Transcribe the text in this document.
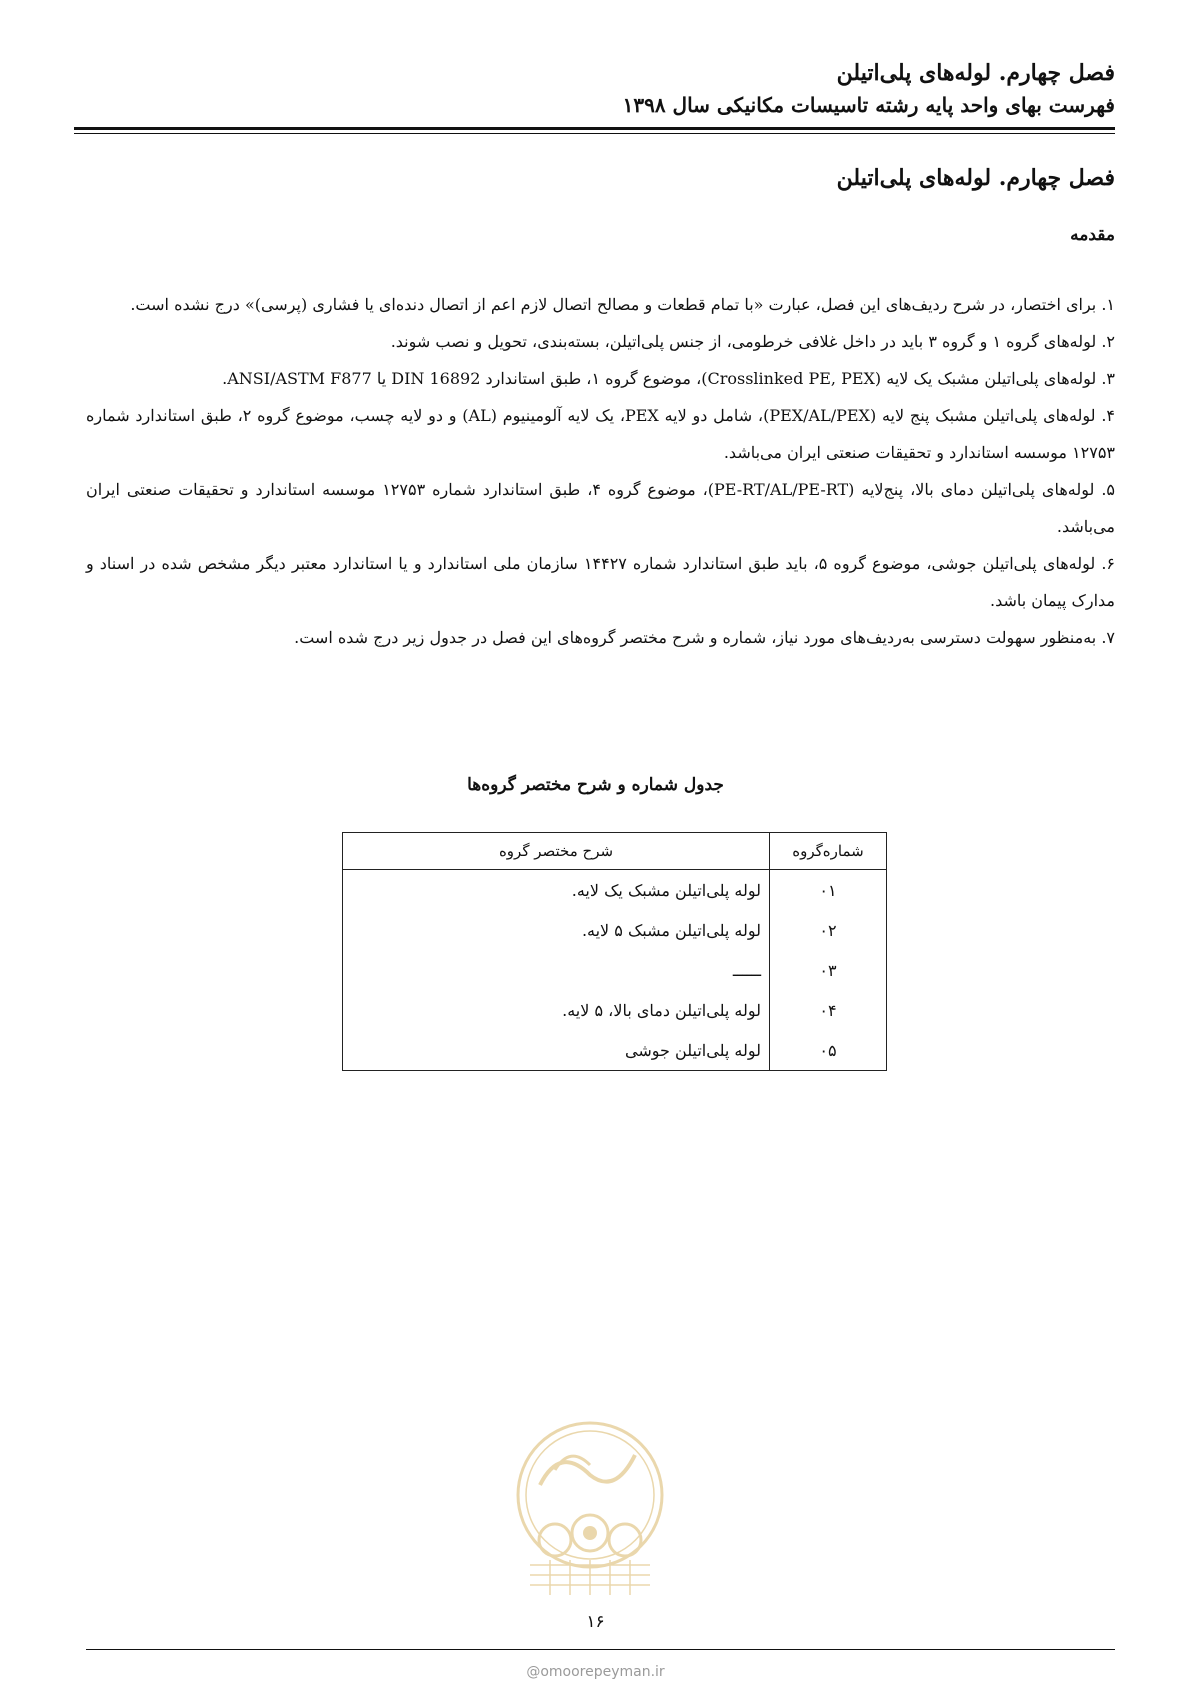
فصل چهارم. لوله‌های پلی‌اتیلن
فهرست بهای واحد پایه رشته تاسیسات مکانیکی سال ۱۳۹۸
فصل چهارم. لوله‌های پلی‌اتیلن
مقدمه

۱. برای اختصار، در شرح ردیف‌های این فصل، عبارت «با تمام قطعات و مصالح اتصال لازم اعم از اتصال دنده‌ای یا فشاری (پرسی)» درج نشده است.

۲. لوله‌های گروه ۱ و گروه ۳ باید در داخل غلافی خرطومی، از جنس پلی‌اتیلن، بسته‌بندی، تحویل و نصب شوند.

۳. لوله‌های پلی‌اتیلن مشبک یک لایه (Crosslinked PE, PEX)، موضوع گروه ۱، طبق استاندارد DIN 16892 یا ANSI/ASTM F877.

۴. لوله‌های پلی‌اتیلن مشبک پنج لایه (PEX/AL/PEX)، شامل دو لایه PEX، یک لایه آلومینیوم (AL) و دو لایه چسب، موضوع گروه ۲، طبق استاندارد شماره ۱۲۷۵۳ موسسه استاندارد و تحقیقات صنعتی ایران می‌باشد.

۵. لوله‌های پلی‌اتیلن دمای بالا، پنج‌لایه (PE-RT/AL/PE-RT)، موضوع گروه ۴، طبق استاندارد شماره ۱۲۷۵۳ موسسه استاندارد و تحقیقات صنعتی ایران می‌باشد.

۶. لوله‌های پلی‌اتیلن جوشی، موضوع گروه ۵، باید طبق استاندارد شماره ۱۴۴۲۷ سازمان ملی استاندارد و یا استاندارد معتبر دیگر مشخص شده در اسناد و مدارک پیمان باشد.

۷. به‌منظور سهولت دسترسی به‌ردیف‌های مورد نیاز، شماره و شرح مختصر گروه‌های این فصل در جدول زیر درج شده است.

جدول شماره و شرح مختصر گروه‌ها
شماره‌گروه	شرح مختصر گروه
۰۱	لوله پلی‌اتیلن مشبک یک لایه.
۰۲	لوله پلی‌اتیلن مشبک ۵ لایه.
۰۳	ــــــ
۰۴	لوله پلی‌اتیلن دمای بالا، ۵ لایه.
۰۵	لوله پلی‌اتیلن جوشی
۱۶
@omoorepeyman.ir
